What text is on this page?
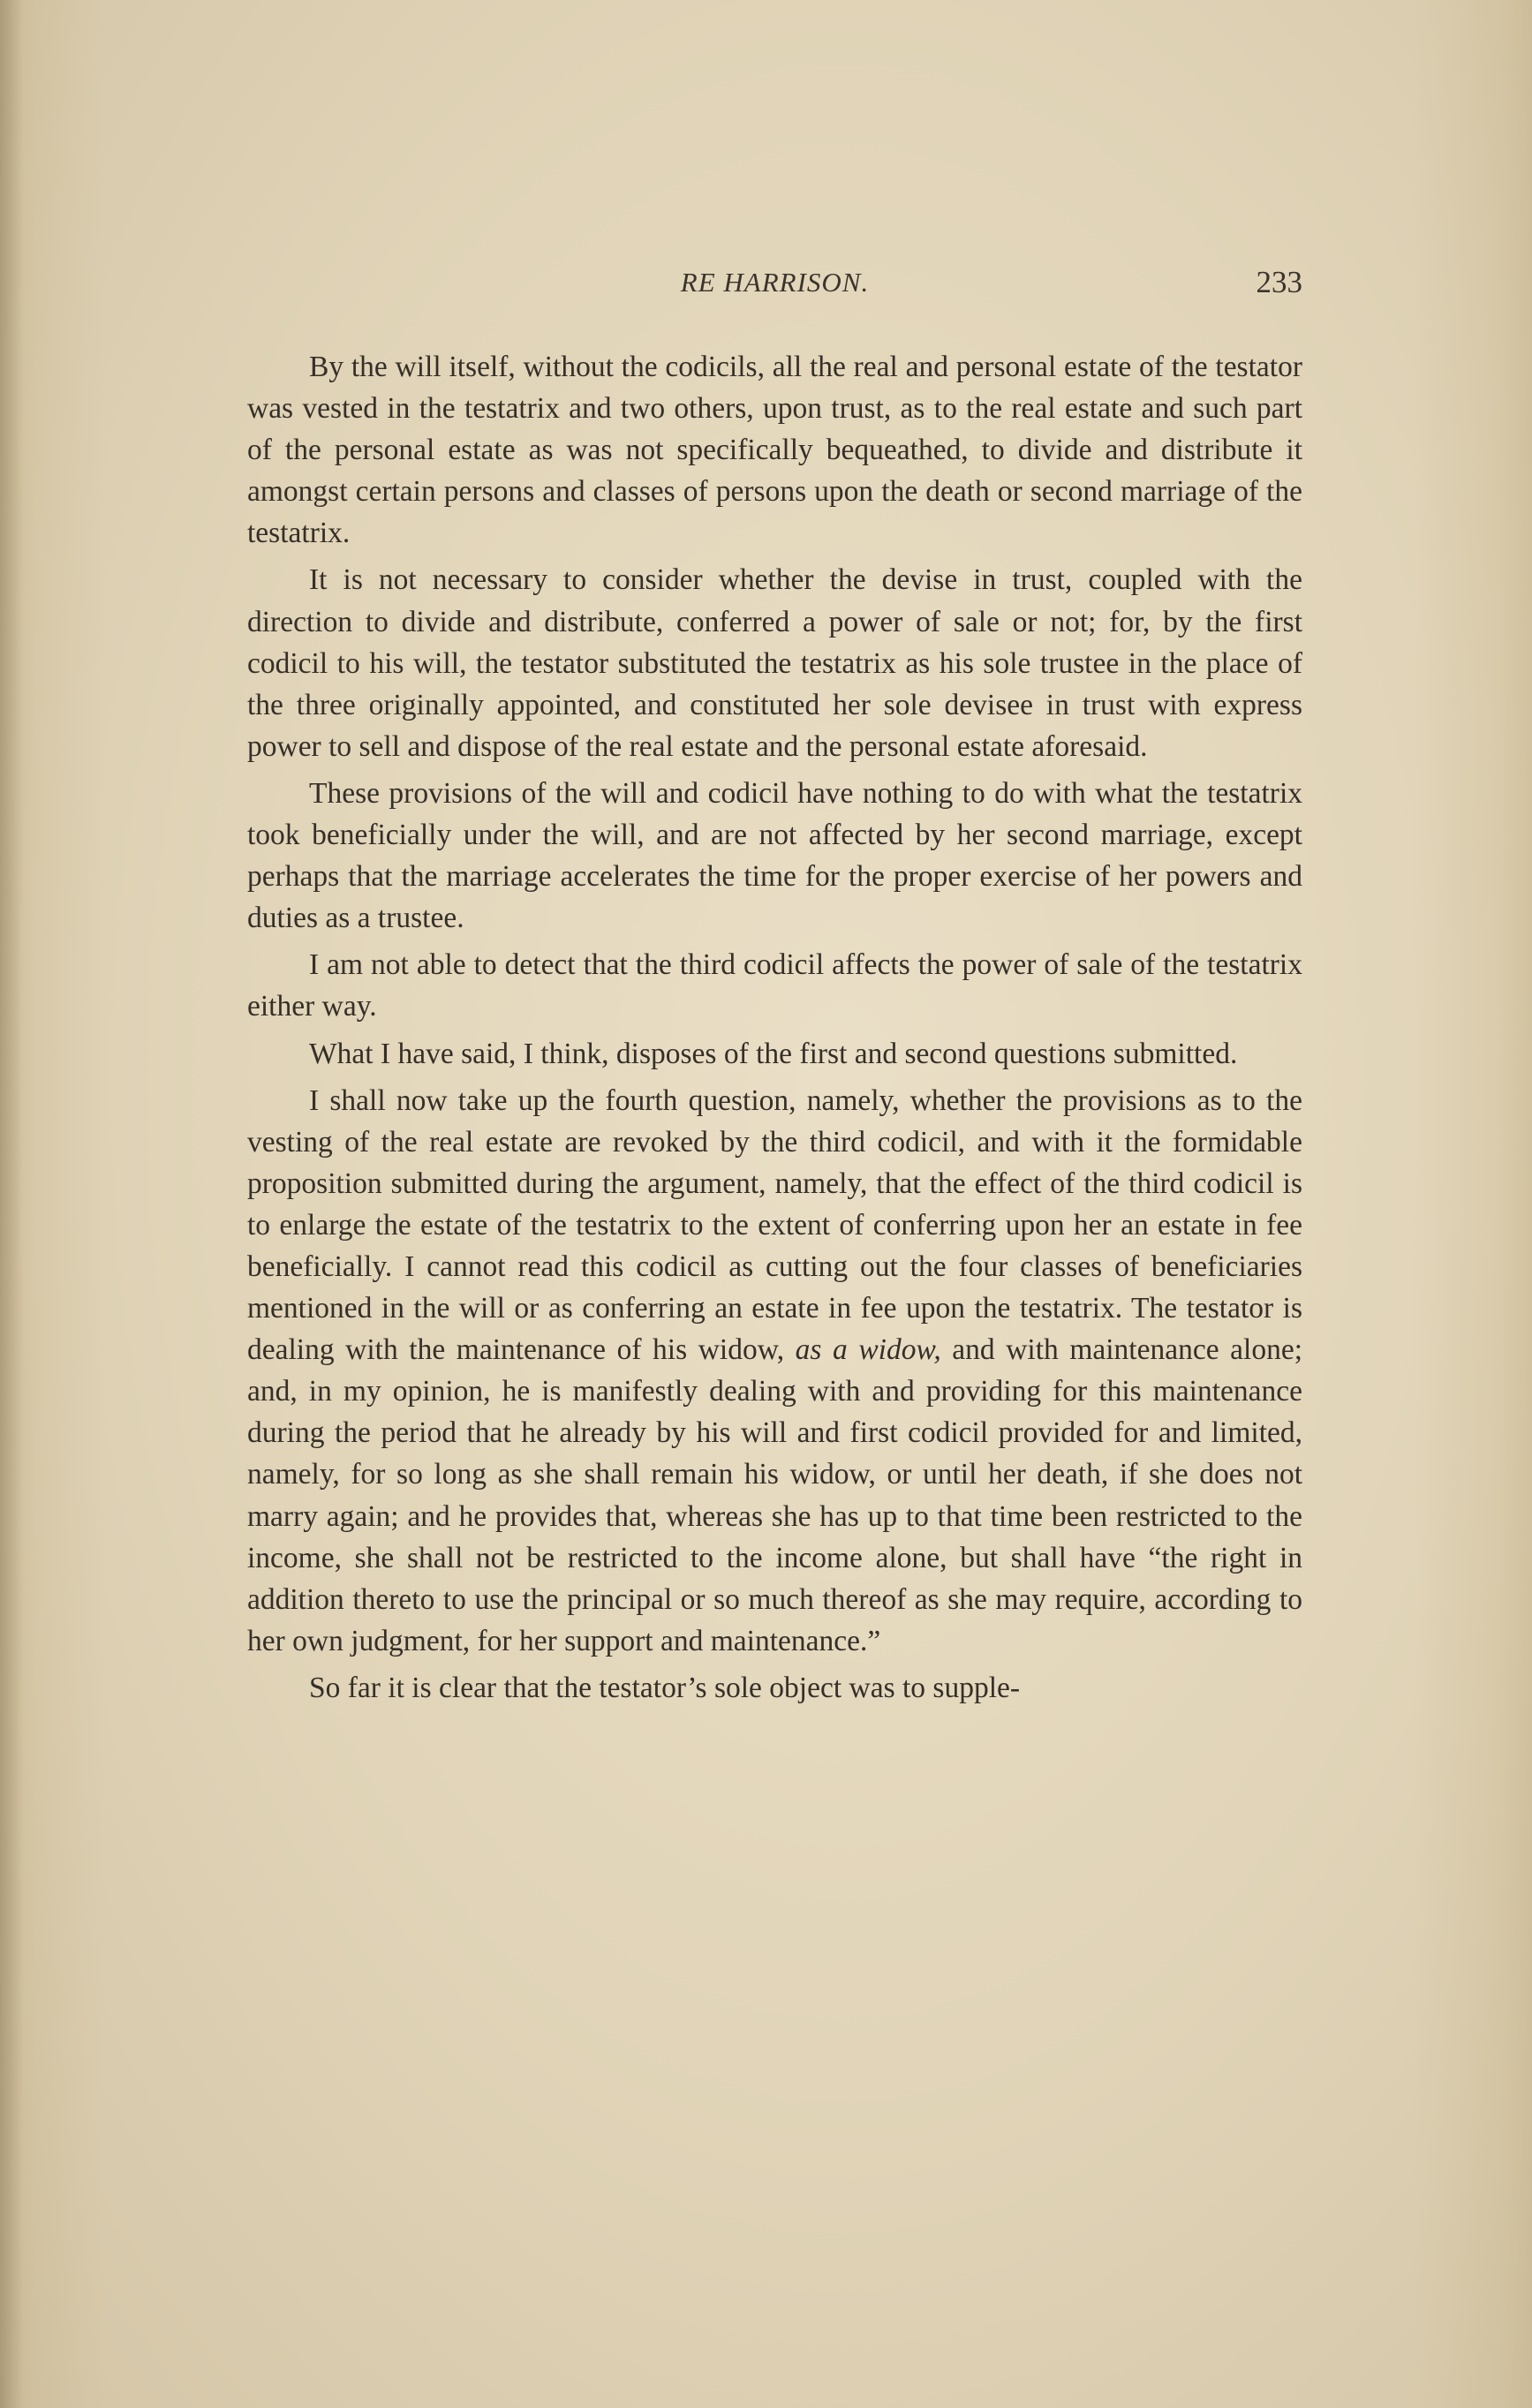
RE HARRISON.	233

By the will itself, without the codicils, all the real and personal estate of the testator was vested in the testatrix and two others, upon trust, as to the real estate and such part of the personal estate as was not specifically bequeathed, to divide and distribute it amongst certain persons and classes of persons upon the death or second marriage of the testatrix.

It is not necessary to consider whether the devise in trust, coupled with the direction to divide and distribute, conferred a power of sale or not; for, by the first codicil to his will, the testator substituted the testatrix as his sole trustee in the place of the three originally appointed, and constituted her sole devisee in trust with express power to sell and dispose of the real estate and the personal estate aforesaid.

These provisions of the will and codicil have nothing to do with what the testatrix took beneficially under the will, and are not affected by her second marriage, except perhaps that the marriage accelerates the time for the proper exercise of her powers and duties as a trustee.

I am not able to detect that the third codicil affects the power of sale of the testatrix either way.

What I have said, I think, disposes of the first and second questions submitted.

I shall now take up the fourth question, namely, whether the provisions as to the vesting of the real estate are revoked by the third codicil, and with it the formidable proposition submitted during the argument, namely, that the effect of the third codicil is to enlarge the estate of the testatrix to the extent of conferring upon her an estate in fee beneficially. I cannot read this codicil as cutting out the four classes of beneficiaries mentioned in the will or as conferring an estate in fee upon the testatrix. The testator is dealing with the maintenance of his widow, as a widow, and with maintenance alone; and, in my opinion, he is manifestly dealing with and providing for this maintenance during the period that he already by his will and first codicil provided for and limited, namely, for so long as she shall remain his widow, or until her death, if she does not marry again; and he provides that, whereas she has up to that time been restricted to the income, she shall not be restricted to the income alone, but shall have “the right in addition thereto to use the principal or so much thereof as she may require, according to her own judgment, for her support and maintenance.”

So far it is clear that the testator’s sole object was to supple-
